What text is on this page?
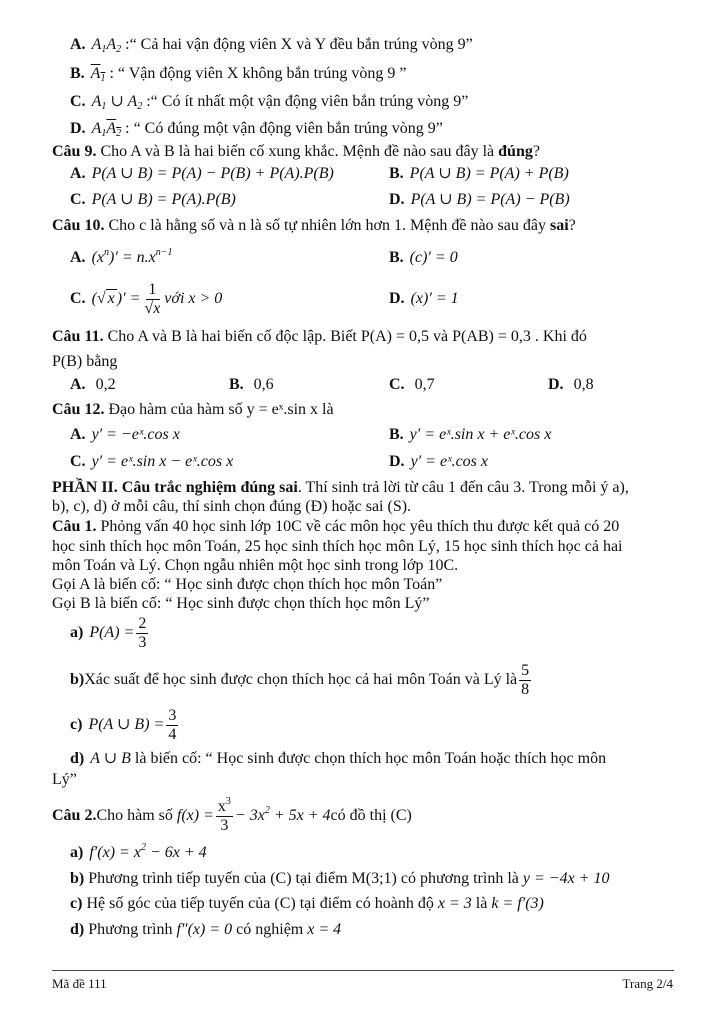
A. $A_1A_2$ :“ Cả hai vận động viên X và Y đều bắn trúng vòng 9”
B. $A_1$ : “ Vận động viên X không bắn trúng vòng 9 ”
C. $A_1$ ∪ $A_2$ :“ Có ít nhất một vận động viên bắn trúng vòng 9”
D. $A_1A_2$ : “ Có đúng một vận động viên bắn trúng vòng 9”
Câu 9. Cho A và B là hai biến cố xung khắc. Mệnh đề nào sau đây là đúng?
A. P(A ∪ B) = P(A) − P(B) + P(A).P(B)	B. P(A ∪ B) = P(A) + P(B)
C. P(A ∪ B) = P(A).P(B)	D. P(A ∪ B) = P(A) − P(B)
Câu 10. Cho c là hằng số và n là số tự nhiên lớn hơn 1. Mệnh đề nào sau đây sai?
A. $(x^n)' = n.x^{n-1}$	B. (c)′ = 0
C. (√ x )′ = $\frac{1}{√x}$ với x > 0	D. (x)′ = 1
Câu 11. Cho A và B là hai biến cố độc lập. Biết P(A) = 0,5 và P(AB) = 0,3 . Khi đó
P(B) bằng
A. 0,2	B. 0,6	C. 0,7	D. 0,8
Câu 12. Đạo hàm của hàm số y = eˣ.sin x là
A. y′ = −eˣ.cos x	B. y′ = eˣ.sin x + eˣ.cos x
C. y′ = eˣ.sin x − eˣ.cos x	D. y′ = eˣ.cos x
PHẦN II. Câu trắc nghiệm đúng sai. Thí sinh trả lời từ câu 1 đến câu 3. Trong mỗi ý a),
b), c), d) ở mỗi câu, thí sinh chọn đúng (Đ) hoặc sai (S).
Câu 1. Phỏng vấn 40 học sinh lớp 10C về các môn học yêu thích thu được kết quả có 20
học sinh thích học môn Toán, 25 học sinh thích học môn Lý, 15 học sinh thích học cả hai
môn Toán và Lý. Chọn ngẫu nhiên một học sinh trong lớp 10C.
Gọi A là biến cố: “ Học sinh được chọn thích học môn Toán”
Gọi B là biến cố: “ Học sinh được chọn thích học môn Lý”
a) $P(A) = \frac{2}{3}$
b) Xác suất để học sinh được chọn thích học cả hai môn Toán và Lý là $\frac{5}{8}$
c) P(A ∪ $B) = \frac{3}{4}$
d) A ∪ B là biến cố: “ Học sinh được chọn thích học môn Toán hoặc thích học môn
Lý”
Câu 2. Cho hàm số $f(x) = \frac{x^3}{3} - 3x^2 + 5x + 4$ có đồ thị (C)
a) $f'(x) = x^2 - 6x + 4$
b) Phương trình tiếp tuyến của (C) tại điểm M(3;1) có phương trình là y = −4x + 10
c) Hệ số góc của tiếp tuyến của (C) tại điểm có hoành độ x = 3 là k = f′(3)
d) Phương trình f″(x) = 0 có nghiệm x = 4
Mã đề 111	Trang 2/4
